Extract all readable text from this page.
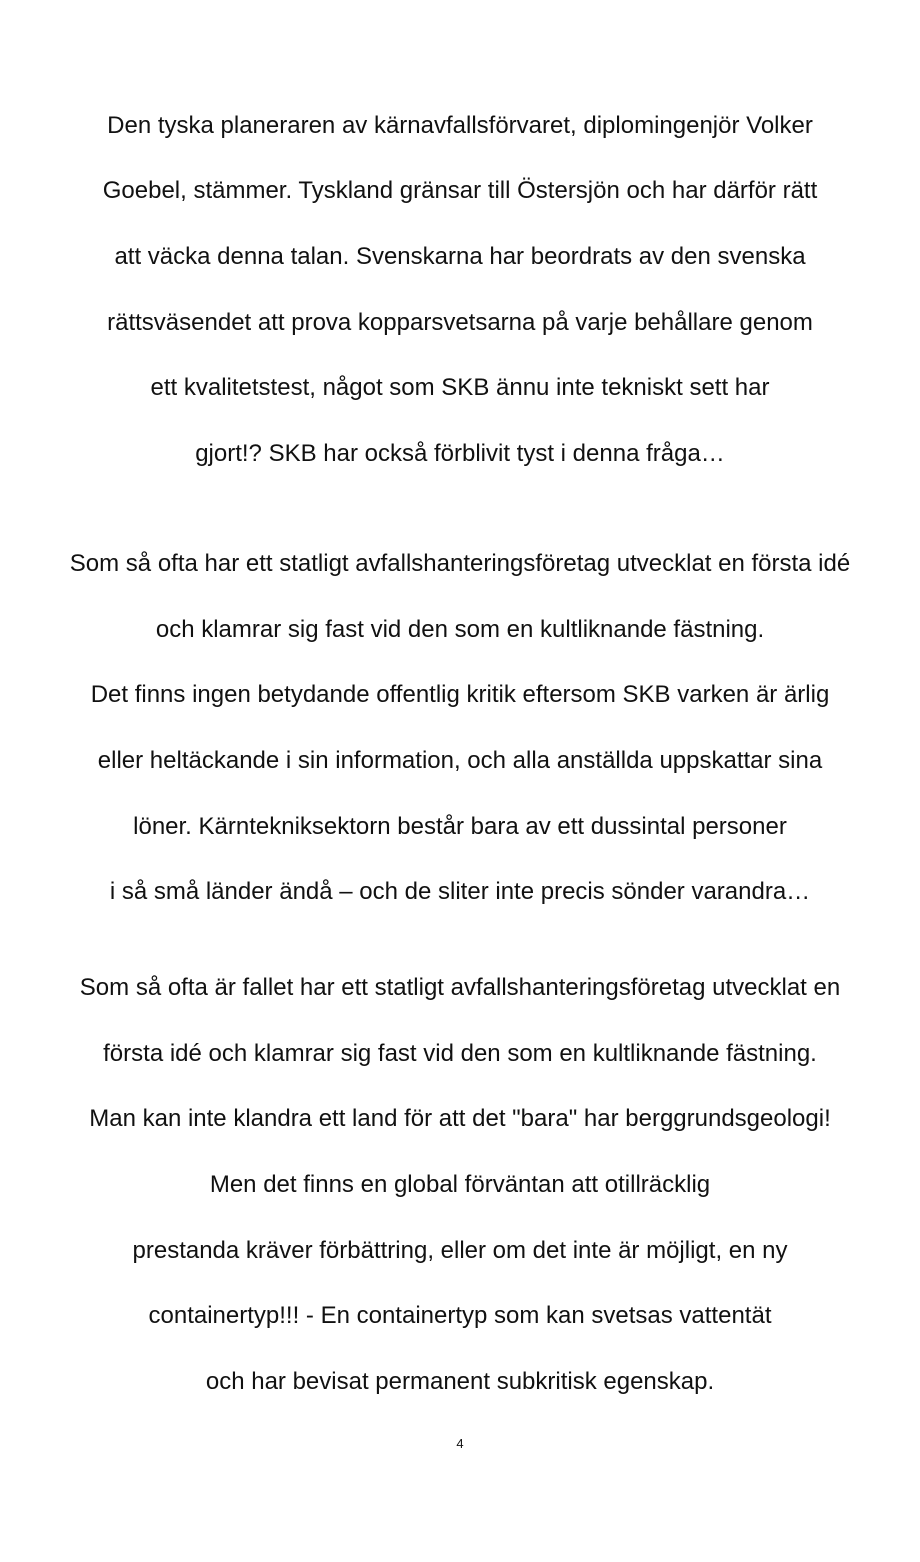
Den tyska planeraren av kärnavfallsförvaret, diplomingenjör Volker
Goebel, stämmer. Tyskland gränsar till Östersjön och har därför rätt
att väcka denna talan. Svenskarna har beordrats av den svenska
rättsväsendet att prova kopparsvetsarna på varje behållare genom
ett kvalitetstest, något som SKB ännu inte tekniskt sett har
gjort!? SKB har också förblivit tyst i denna fråga…
Som så ofta har ett statligt avfallshanteringsföretag utvecklat en första idé
och klamrar sig fast vid den som en kultliknande fästning.
Det finns ingen betydande offentlig kritik eftersom SKB varken är ärlig
eller heltäckande i sin information, och alla anställda uppskattar sina
löner. Kärntekniksektorn består bara av ett dussintal personer
i så små länder ändå – och de sliter inte precis sönder varandra…
Som så ofta är fallet har ett statligt avfallshanteringsföretag utvecklat en
första idé och klamrar sig fast vid den som en kultliknande fästning.
Man kan inte klandra ett land för att det "bara" har berggrundsgeologi!
Men det finns en global förväntan att otillräcklig
prestanda kräver förbättring, eller om det inte är möjligt, en ny
containertyp!!! - En containertyp som kan svetsas vattentät
och har bevisat permanent subkritisk egenskap.
4
